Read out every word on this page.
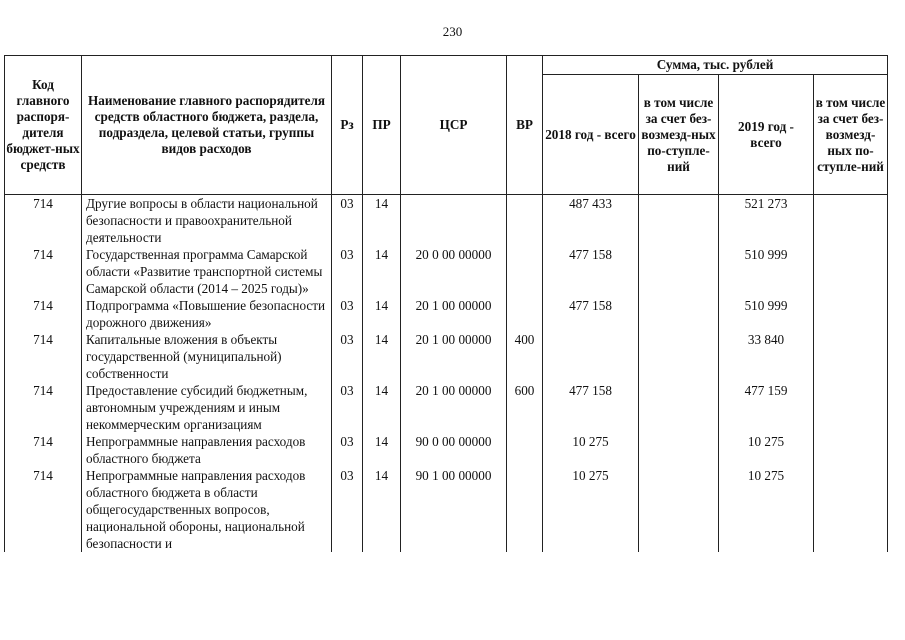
230
Код главного распоря-дителя бюджет-ных средств	Наименование главного распорядителя средств областного бюджета, раздела, подраздела, целевой статьи, группы видов расходов	Рз	ПР	ЦСР	ВР	Сумма, тыс. рублей			
						2018 год - всего	в том числе за счет без-возмезд-ных по-ступле-ний	2019 год - всего	в том числе за счет без-возмезд-ных по-ступле-ний
714	Другие вопросы в области национальной безопасности и правоохранительной деятельности	03	14			487 433		521 273	
714	Государственная программа Самарской области «Развитие транспортной системы Самарской области (2014 – 2025 годы)»	03	14	20 0 00 00000		477 158		510 999	
714	Подпрограмма «Повышение безопасности дорожного движения»	03	14	20 1 00 00000		477 158		510 999	
714	Капитальные вложения в объекты государственной (муниципальной) собственности	03	14	20 1 00 00000	400			33 840	
714	Предоставление субсидий бюджетным, автономным учреждениям и иным некоммерческим организациям	03	14	20 1 00 00000	600	477 158		477 159	
714	Непрограммные направления расходов областного бюджета	03	14	90 0 00 00000		10 275		10 275	
714	Непрограммные направления расходов областного бюджета в области общегосударственных вопросов, национальной обороны, национальной безопасности и	03	14	90 1 00 00000		10 275		10 275	
